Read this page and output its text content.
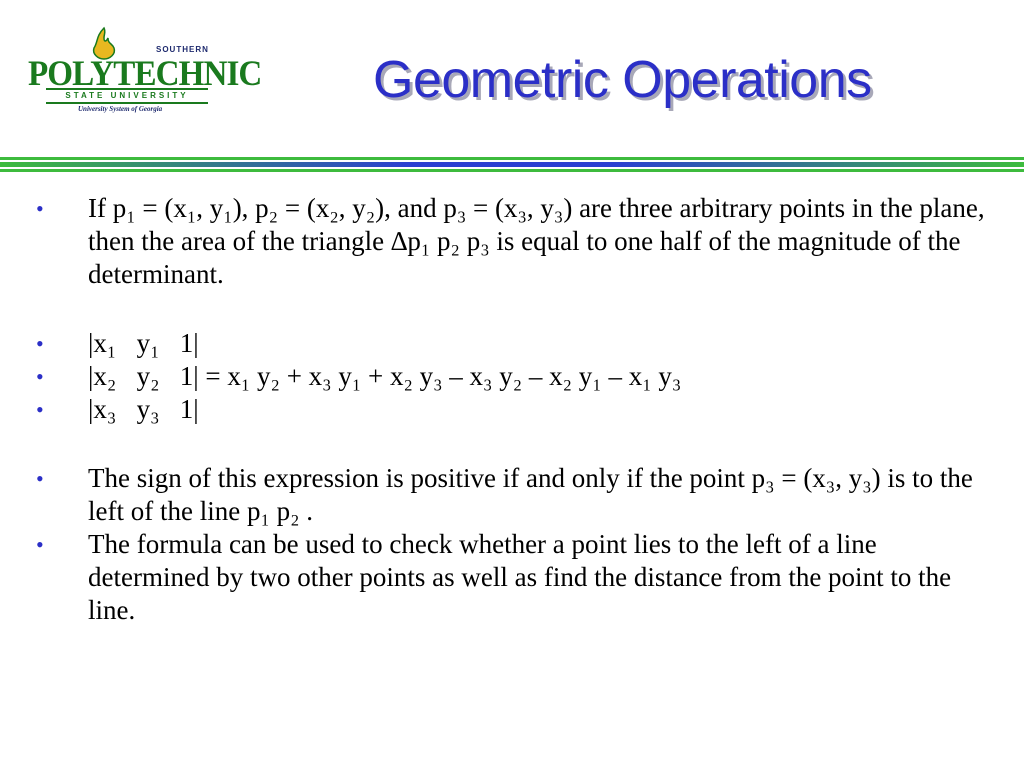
SOUTHERN
POLYTECHNIC
STATE UNIVERSITY
University System of Georgia	Geometric Operations
• If p₁ = (x₁, y₁), p₂ = (x₂, y₂), and p₃ = (x₃, y₃) are three arbitrary points in the plane, then the area of the triangle ∆p₁ p₂ p₃ is equal to one half of the magnitude of the determinant.
• |x₁   y₁   1|
• |x₂   y₂   1| = x₁ y₂ + x₃ y₁ + x₂ y₃ – x₃ y₂ – x₂ y₁ – x₁ y₃
• |x₃   y₃   1|
• The sign of this expression is positive if and only if the point p₃ = (x₃, y₃) is to the left of the line p₁ p₂ .
• The formula can be used to check whether a point lies to the left of a line determined by two other points as well as find the distance from the point to the line.
